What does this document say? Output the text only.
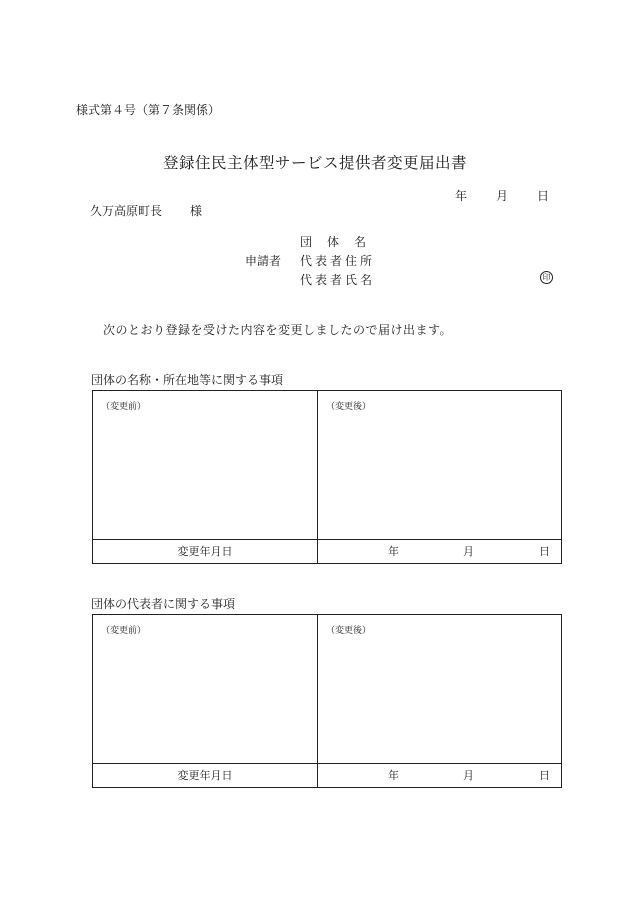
様式第４号（第７条関係）
登録住民主体型サービス提供者変更届出書
年 月 日
久万高原町長 様
申請者
団体名
代表者住所
代表者氏名	印
次のとおり登録を受けた内容を変更しましたので届け出ます。
団体の名称・所在地等に関する事項
（変更前）	（変更後）
変更年月日	年	月	日
団体の代表者に関する事項
（変更前）	（変更後）
変更年月日	年	月	日
